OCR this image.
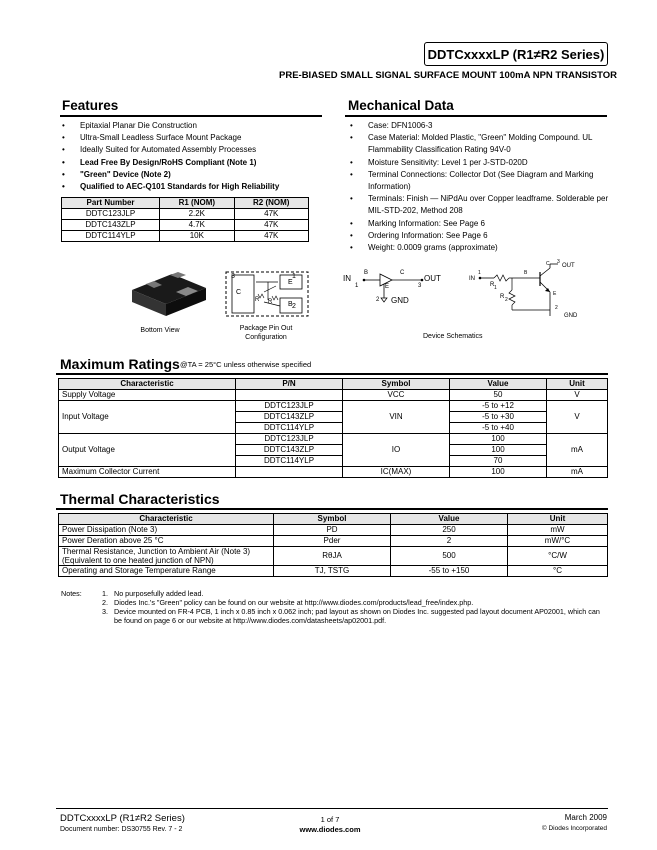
DDTCxxxxLP (R1≠R2 Series)
PRE-BIASED SMALL SIGNAL SURFACE MOUNT 100mA NPN TRANSISTOR
Features
• Epitaxial Planar Die Construction
• Ultra-Small Leadless Surface Mount Package
• Ideally Suited for Automated Assembly Processes
• Lead Free By Design/RoHS Compliant (Note 1)
• "Green" Device (Note 2)
• Qualified to AEC-Q101 Standards for High Reliability
Part Number	R1 (NOM)	R2 (NOM)
DDTC123JLP	2.2K	47K
DDTC143ZLP	4.7K	47K
DDTC114YLP	10K	47K
Bottom View
3
C
1
E
2
B
R R
Package Pin Out
Configuration
Mechanical Data
• Case: DFN1006-3
• Case Material: Molded Plastic, "Green" Molding Compound. UL Flammability Classification Rating 94V-0
• Moisture Sensitivity: Level 1 per J-STD-020D
• Terminal Connections: Collector Dot (See Diagram and Marking Information)
• Terminals: Finish — NiPdAu over Copper leadframe. Solderable per MIL-STD-202, Method 208
• Marking Information: See Page 6
• Ordering Information: See Page 6
• Weight: 0.0009 grams (approximate)
IN
B
1
C
E
OUT
3
2 GND
IN
1
R 1
R 2
B
C 3
OUT
E
2
GND
Device Schematics
Maximum Ratings @TA = 25°C unless otherwise specified
Characteristic	P/N	Symbol	Value	Unit
Supply Voltage		VCC	50	V
Input Voltage	DDTC123JLP	VIN	-5 to +12	V
	DDTC143ZLP		-5 to +30	
	DDTC114YLP		-5 to +40	
Output Voltage	DDTC123JLP	IO	100	mA
	DDTC143ZLP		100	
	DDTC114YLP		70	
Maximum Collector Current		IC(MAX)	100	mA
Thermal Characteristics
Characteristic	Symbol	Value	Unit
Power Dissipation (Note 3)	PD	250	mW
Power Deration above 25 °C	Pder	2	mW/°C

Thermal Resistance, Junction to Ambient Air (Note 3)
(Equivalent to one heated junction of NPN)	RθJA	500	°C/W
Operating and Storage Temperature Range	TJ, TSTG	-55 to +150	°C
Notes:	1. No purposefully added lead.
2. Diodes Inc.'s "Green" policy can be found on our website at http://www.diodes.com/products/lead_free/index.php.
3. Device mounted on FR-4 PCB, 1 inch x 0.85 inch x 0.062 inch; pad layout as shown on Diodes Inc. suggested pad layout document AP02001, which can be found on page 6 or our website at http://www.diodes.com/datasheets/ap02001.pdf.
DDTCxxxxLP (R1≠R2 Series)
Document number: DS30755 Rev. 7 - 2
1 of 7
www.diodes.com
March 2009
© Diodes Incorporated
